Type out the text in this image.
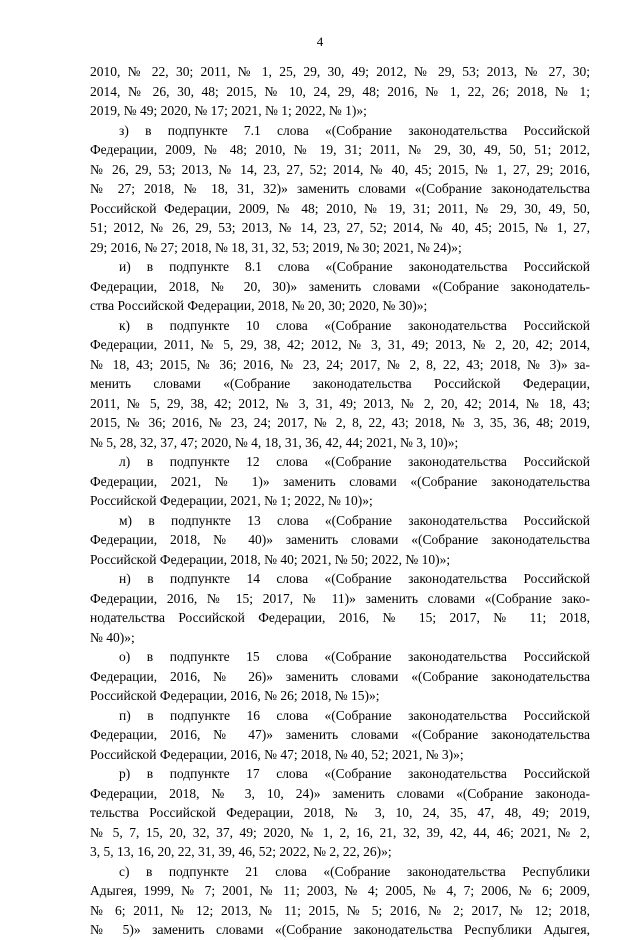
4
2010, № 22, 30; 2011, № 1, 25, 29, 30, 49; 2012, № 29, 53; 2013, № 27, 30;
2014, № 26, 30, 48; 2015, № 10, 24, 29, 48; 2016, № 1, 22, 26; 2018, № 1;
2019, № 49; 2020, № 17; 2021, № 1; 2022, № 1)»;
з) в подпункте 7.1 слова «(Собрание законодательства Российской
Федерации, 2009, № 48; 2010, № 19, 31; 2011, № 29, 30, 49, 50, 51; 2012,
№ 26, 29, 53; 2013, № 14, 23, 27, 52; 2014, № 40, 45; 2015, № 1, 27, 29; 2016,
№ 27; 2018, № 18, 31, 32)» заменить словами «(Собрание законодательства
Российской Федерации, 2009, № 48; 2010, № 19, 31; 2011, № 29, 30, 49, 50,
51; 2012, № 26, 29, 53; 2013, № 14, 23, 27, 52; 2014, № 40, 45; 2015, № 1, 27,
29; 2016, № 27; 2018, № 18, 31, 32, 53; 2019, № 30; 2021, № 24)»;
и) в подпункте 8.1 слова «(Собрание законодательства Российской
Федерации, 2018, № 20, 30)» заменить словами «(Собрание законодатель-
ства Российской Федерации, 2018, № 20, 30; 2020, № 30)»;
к) в подпункте 10 слова «(Собрание законодательства Российской
Федерации, 2011, № 5, 29, 38, 42; 2012, № 3, 31, 49; 2013, № 2, 20, 42; 2014,
№ 18, 43; 2015, № 36; 2016, № 23, 24; 2017, № 2, 8, 22, 43; 2018, № 3)» за-
менить словами «(Собрание законодательства Российской Федерации,
2011, № 5, 29, 38, 42; 2012, № 3, 31, 49; 2013, № 2, 20, 42; 2014, № 18, 43;
2015, № 36; 2016, № 23, 24; 2017, № 2, 8, 22, 43; 2018, № 3, 35, 36, 48; 2019,
№ 5, 28, 32, 37, 47; 2020, № 4, 18, 31, 36, 42, 44; 2021, № 3, 10)»;
л) в подпункте 12 слова «(Собрание законодательства Российской
Федерации, 2021, № 1)» заменить словами «(Собрание законодательства
Российской Федерации, 2021, № 1; 2022, № 10)»;
м) в подпункте 13 слова «(Собрание законодательства Российской
Федерации, 2018, № 40)» заменить словами «(Собрание законодательства
Российской Федерации, 2018, № 40; 2021, № 50; 2022, № 10)»;
н) в подпункте 14 слова «(Собрание законодательства Российской
Федерации, 2016, № 15; 2017, № 11)» заменить словами «(Собрание зако-
нодательства Российской Федерации, 2016, № 15; 2017, № 11; 2018,
№ 40)»;
о) в подпункте 15 слова «(Собрание законодательства Российской
Федерации, 2016, № 26)» заменить словами «(Собрание законодательства
Российской Федерации, 2016, № 26; 2018, № 15)»;
п) в подпункте 16 слова «(Собрание законодательства Российской
Федерации, 2016, № 47)» заменить словами «(Собрание законодательства
Российской Федерации, 2016, № 47; 2018, № 40, 52; 2021, № 3)»;
р) в подпункте 17 слова «(Собрание законодательства Российской
Федерации, 2018, № 3, 10, 24)» заменить словами «(Собрание законода-
тельства Российской Федерации, 2018, № 3, 10, 24, 35, 47, 48, 49; 2019,
№ 5, 7, 15, 20, 32, 37, 49; 2020, № 1, 2, 16, 21, 32, 39, 42, 44, 46; 2021, № 2,
3, 5, 13, 16, 20, 22, 31, 39, 46, 52; 2022, № 2, 22, 26)»;
с) в подпункте 21 слова «(Собрание законодательства Республики
Адыгея, 1999, № 7; 2001, № 11; 2003, № 4; 2005, № 4, 7; 2006, № 6; 2009,
№ 6; 2011, № 12; 2013, № 11; 2015, № 5; 2016, № 2; 2017, № 12; 2018,
№ 5)» заменить словами «(Собрание законодательства Республики Адыгея,
